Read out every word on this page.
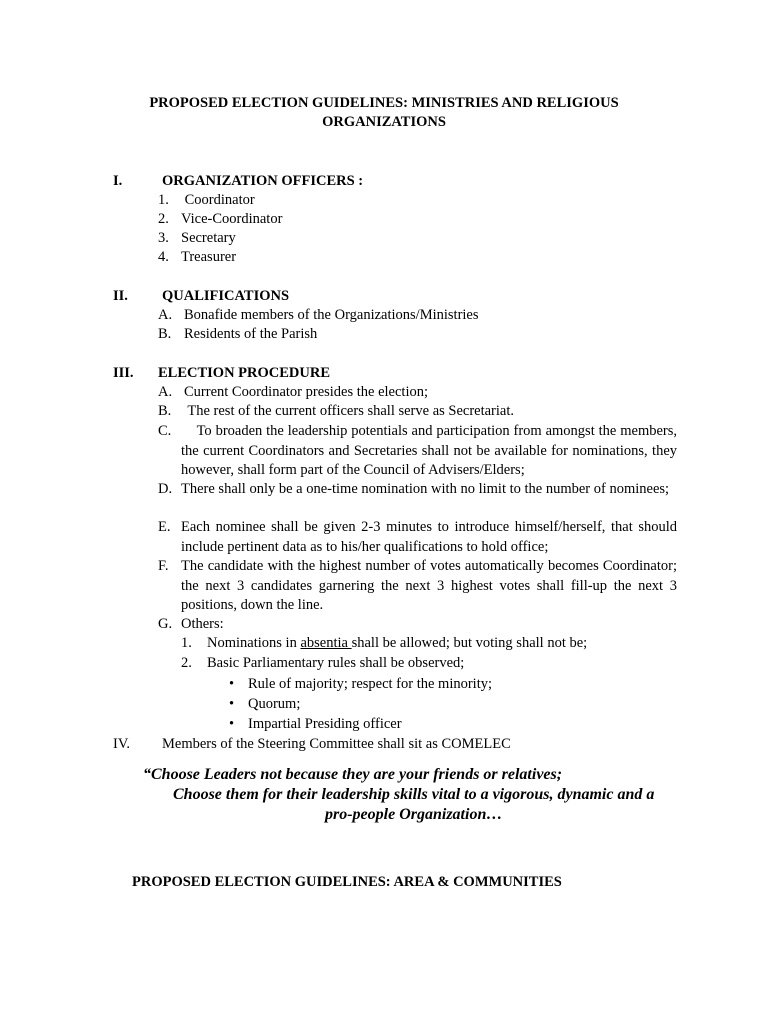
PROPOSED ELECTION GUIDELINES: MINISTRIES AND RELIGIOUS
ORGANIZATIONS
I.	ORGANIZATION OFFICERS :
1. Coordinator
2. Vice-Coordinator
3. Secretary
4. Treasurer
II. QUALIFICATIONS
A. Bonafide members of the Organizations/Ministries
B. Residents of the Parish
III. ELECTION PROCEDURE
A. Current Coordinator presides the election;
B. The rest of the current officers shall serve as Secretariat.
C. To broaden the leadership potentials and participation from amongst the members, the current Coordinators and Secretaries shall not be available for nominations, they however, shall form part of the Council of Advisers/Elders;
D. There shall only be a one-time nomination with no limit to the number of nominees;
E. Each nominee shall be given 2-3 minutes to introduce himself/herself, that should include pertinent data as to his/her qualifications to hold office;
F. The candidate with the highest number of votes automatically becomes Coordinator; the next 3 candidates garnering the next 3 highest votes shall fill-up the next 3 positions, down the line.
G. Others:
1. Nominations in absentia shall be allowed; but voting shall not be;
2. Basic Parliamentary rules shall be observed;
• Rule of majority; respect for the minority;
• Quorum;
• Impartial Presiding officer
IV. Members of the Steering Committee shall sit as COMELEC
“Choose Leaders not because they are your friends or relatives;
Choose them for their leadership skills vital to a vigorous, dynamic and a
pro-people Organization…
PROPOSED ELECTION GUIDELINES: AREA & COMMUNITIES
